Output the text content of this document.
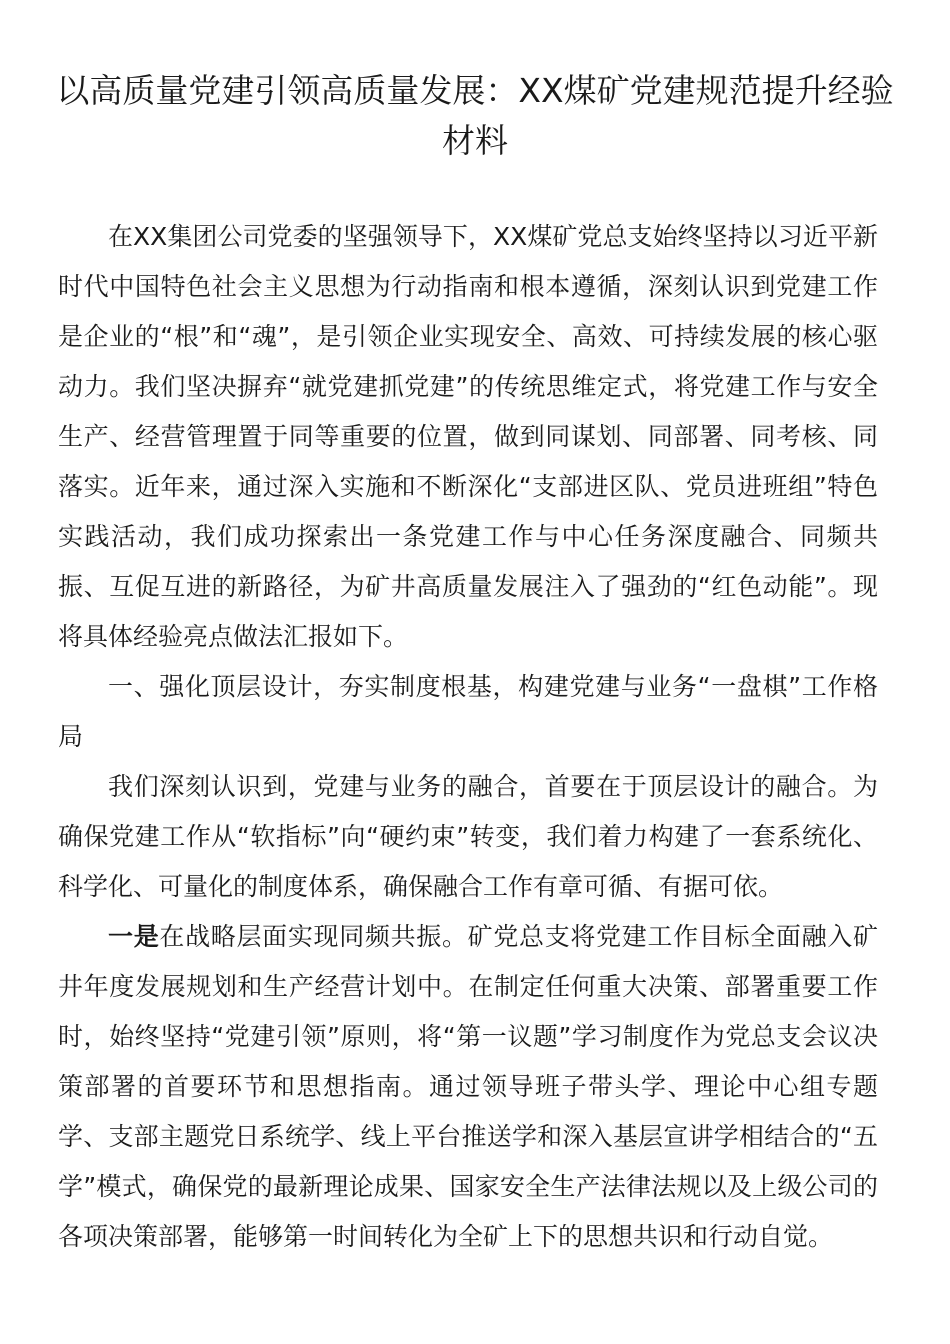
以高质量党建引领高质量发展：XX煤矿党建规范提升经验材料

在XX集团公司党委的坚强领导下，XX煤矿党总支始终坚持以习近平新时代中国特色社会主义思想为行动指南和根本遵循，深刻认识到党建工作是企业的“根”和“魂”，是引领企业实现安全、高效、可持续发展的核心驱动力。我们坚决摒弃“就党建抓党建”的传统思维定式，将党建工作与安全生产、经营管理置于同等重要的位置，做到同谋划、同部署、同考核、同落实。近年来，通过深入实施和不断深化“支部进区队、党员进班组”特色实践活动，我们成功探索出一条党建工作与中心任务深度融合、同频共振、互促互进的新路径，为矿井高质量发展注入了强劲的“红色动能”。现将具体经验亮点做法汇报如下。

一、强化顶层设计，夯实制度根基，构建党建与业务“一盘棋”工作格局

我们深刻认识到，党建与业务的融合，首要在于顶层设计的融合。为确保党建工作从“软指标”向“硬约束”转变，我们着力构建了一套系统化、科学化、可量化的制度体系，确保融合工作有章可循、有据可依。

一是在战略层面实现同频共振。矿党总支将党建工作目标全面融入矿井年度发展规划和生产经营计划中。在制定任何重大决策、部署重要工作时，始终坚持“党建引领”原则，将“第一议题”学习制度作为党总支会议决策部署的首要环节和思想指南。通过领导班子带头学、理论中心组专题学、支部主题党日系统学、线上平台推送学和深入基层宣讲学相结合的“五学”模式，确保党的最新理论成果、国家安全生产法律法规以及上级公司的各项决策部署，能够第一时间转化为全矿上下的思想共识和行动自觉。
